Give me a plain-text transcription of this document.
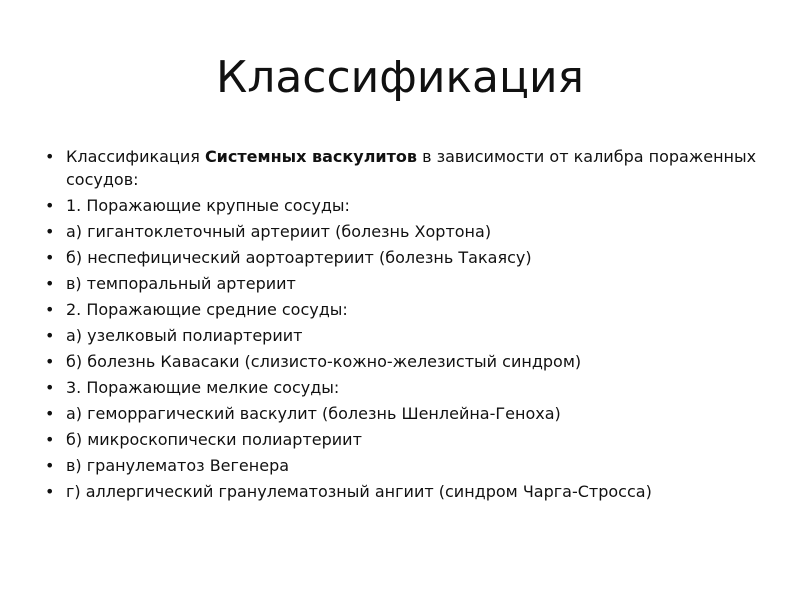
Классификация
• Классификация Системных васкулитов в зависимости от калибра пораженных сосудов:
• 1. Поражающие крупные сосуды:
• а) гигантоклеточный артериит (болезнь Хортона)
• б) неспефицический аортоартериит (болезнь Такаясу)
• в) темпоральный артериит
• 2. Поражающие средние сосуды:
• а) узелковый полиартериит
• б) болезнь Кавасаки (слизисто-кожно-железистый синдром)
• 3. Поражающие мелкие сосуды:
• а) геморрагический васкулит (болезнь Шенлейна-Геноха)
• б) микроскопически полиартериит
• в) гранулематоз Вегенера
• г) аллергический гранулематозный ангиит (синдром Чарга-Стросса)
